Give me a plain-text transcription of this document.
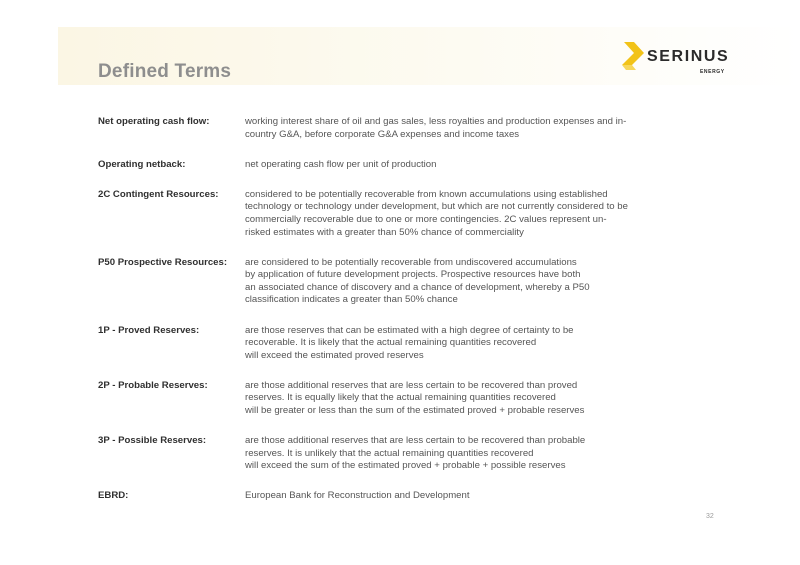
Defined Terms
SERINUS
ENERGY
Net operating cash flow:	working interest share of oil and gas sales, less royalties and production expenses and in-
country G&A, before corporate G&A expenses and income taxes
Operating netback:	net operating cash flow per unit of production
2C Contingent Resources:	considered to be potentially recoverable from known accumulations using established
technology or technology under development, but which are not currently considered to be
commercially recoverable due to one or more contingencies. 2C values represent un-
risked estimates with a greater than 50% chance of commerciality
P50 Prospective Resources:	are considered to be potentially recoverable from undiscovered accumulations
by application of future development projects. Prospective resources have both
an associated chance of discovery and a chance of development, whereby a P50
classification indicates a greater than 50% chance
1P - Proved Reserves:	are those reserves that can be estimated with a high degree of certainty to be
recoverable. It is likely that the actual remaining quantities recovered
will exceed the estimated proved reserves
2P - Probable Reserves:	are those additional reserves that are less certain to be recovered than proved
reserves. It is equally likely that the actual remaining quantities recovered
will be greater or less than the sum of the estimated proved + probable reserves
3P - Possible Reserves:	are those additional reserves that are less certain to be recovered than probable
reserves. It is unlikely that the actual remaining quantities recovered
will exceed the sum of the estimated proved + probable + possible reserves
EBRD:	European Bank for Reconstruction and Development
32
